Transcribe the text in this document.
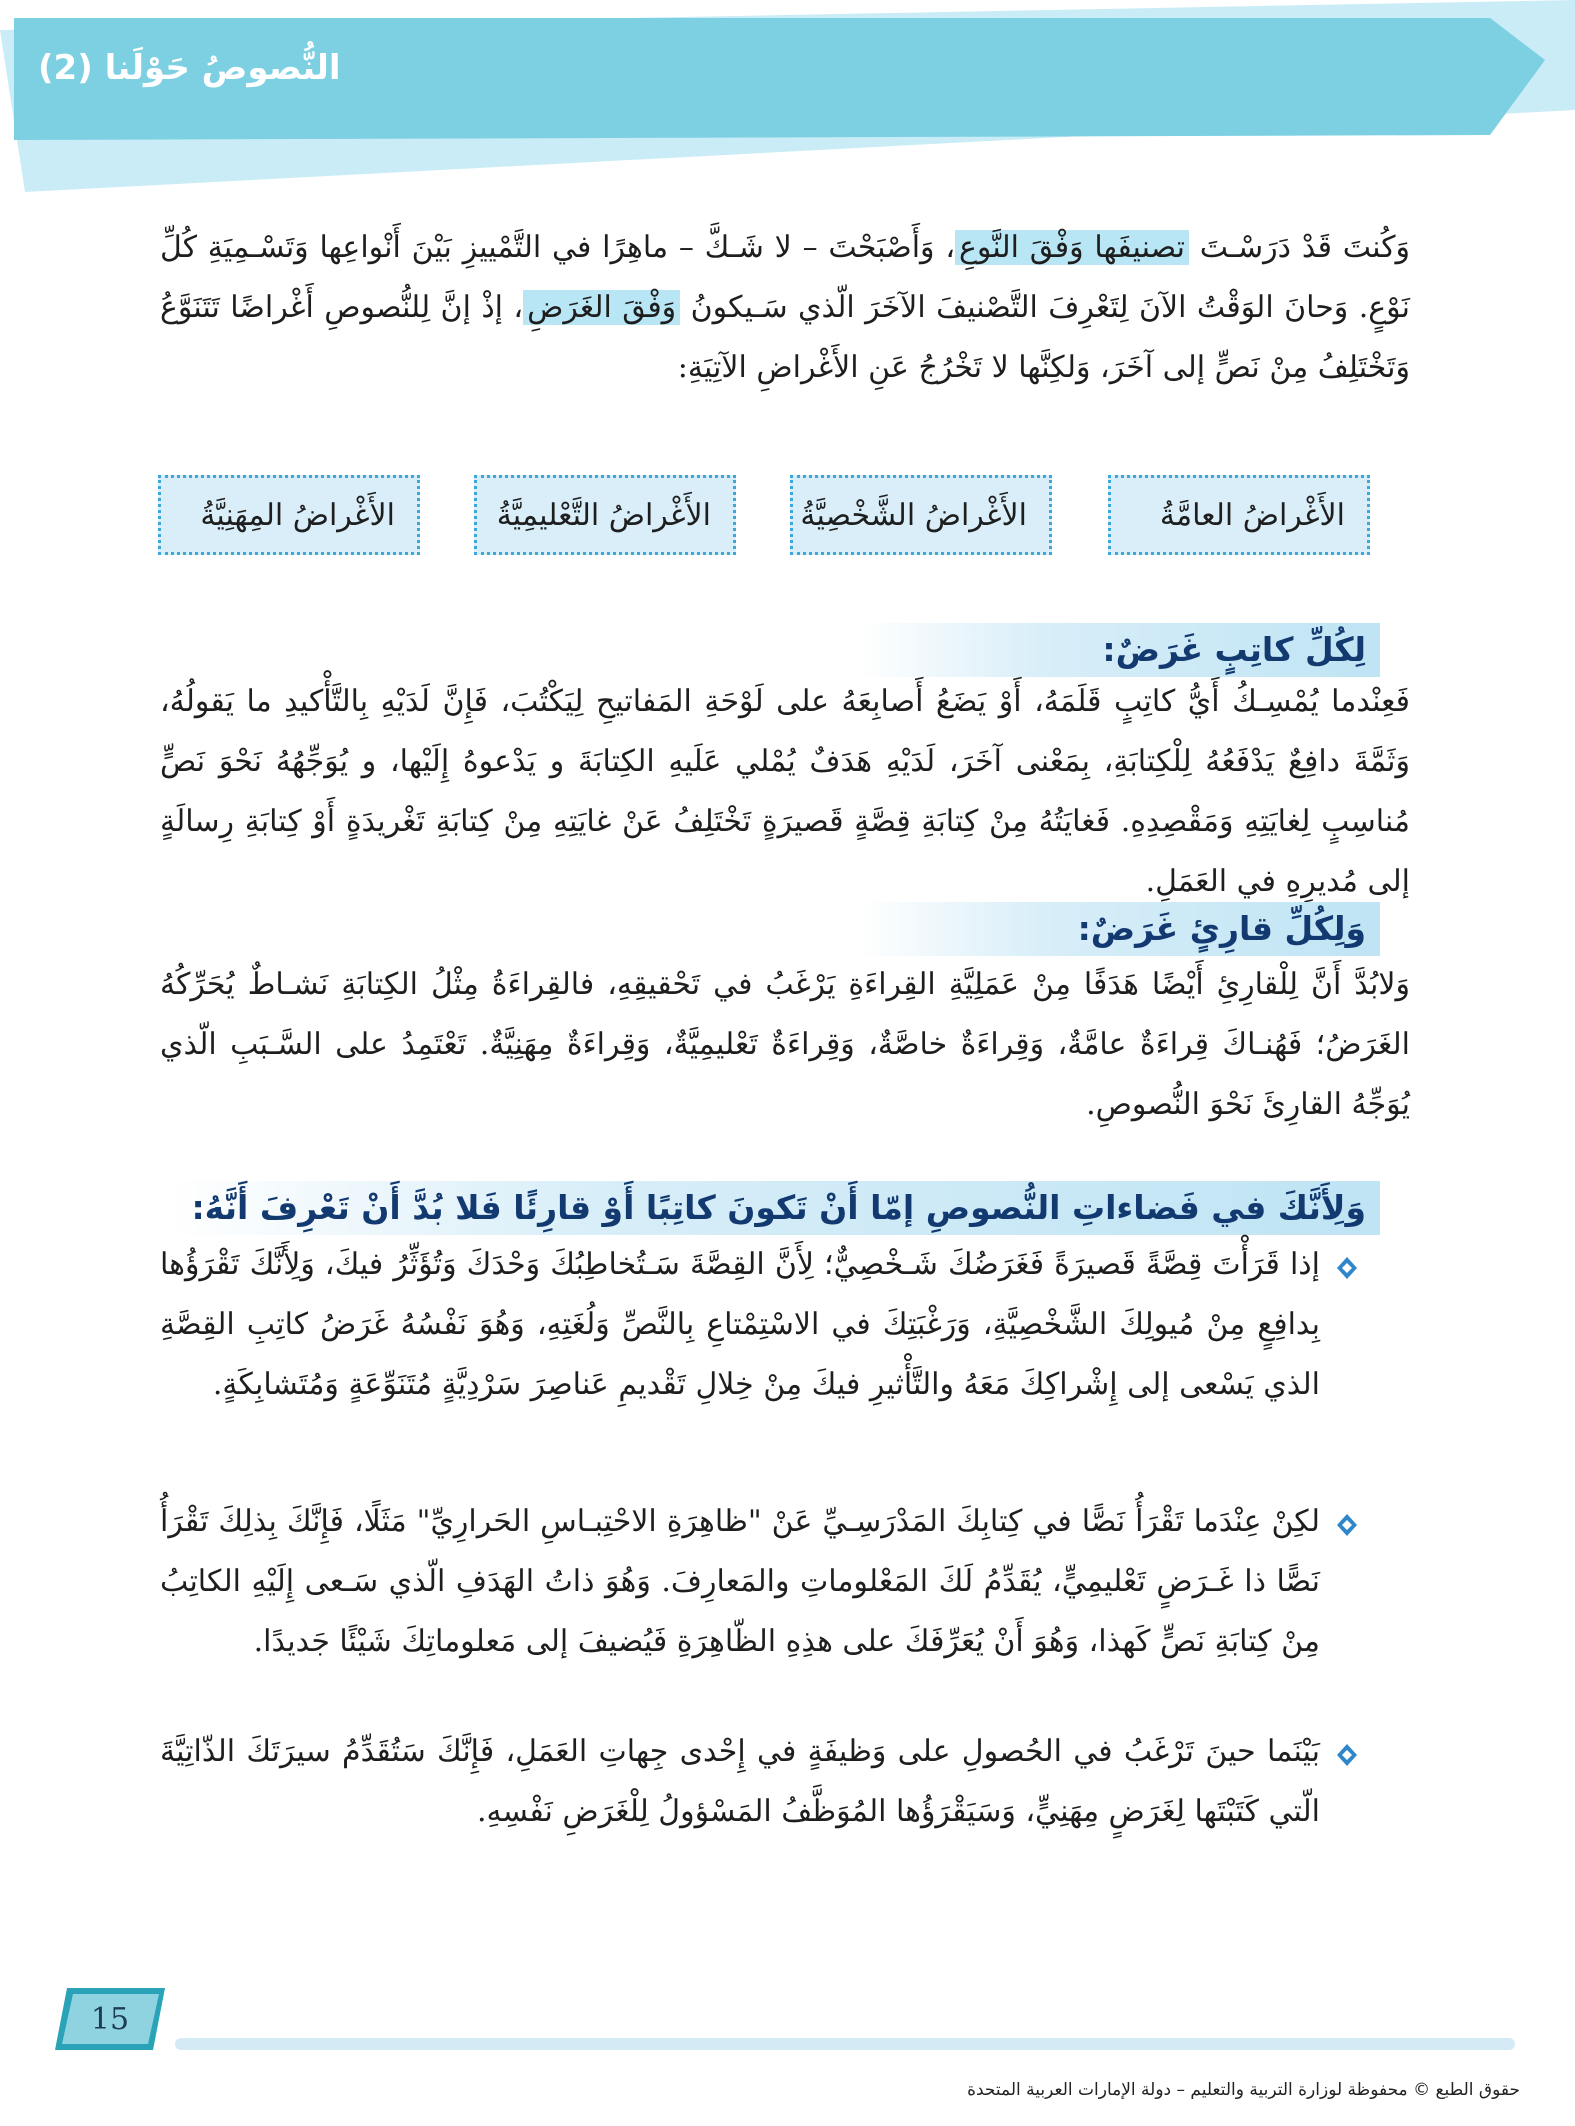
النُّصوصُ حَوْلَنا (2)
وَكُنتَ قَدْ دَرَسْـتَ تصنيفَها وَفْقَ النَّوعِ، وَأَصْبَحْتَ – لا شَـكَّ – ماهِرًا في التَّمْييزِ بَيْنَ أَنْواعِها وَتَسْـمِيَةِ كُلِّ نَوْعٍ. وَحانَ الوَقْتُ الآنَ لِتَعْرِفَ التَّصْنيفَ الآخَرَ الّذي سَـيكونُ وَفْقَ الغَرَضِ، إذْ إنَّ لِلنُّصوصِ أَغْراضًا تَتَنَوَّعُ وَتَخْتَلِفُ مِنْ نَصٍّ إلى آخَرَ، وَلكِنَّها لا تَخْرُجُ عَنِ الأَغْراضِ الآتِيَةِ:
الأَغْراضُ العامَّةُ
الأَغْراضُ الشَّخْصِيَّةُ
الأَغْراضُ التَّعْليمِيَّةُ
الأَغْراضُ المِهَنِيَّةُ
لِكُلِّ كاتِبٍ غَرَضٌ:
فَعِنْدما يُمْسِـكُ أَيُّ كاتِبٍ قَلَمَهُ، أَوْ يَضَعُ أَصابِعَهُ على لَوْحَةِ المَفاتيحِ لِيَكْتُبَ، فَإِنَّ لَدَيْهِ بِالتَّأْكيدِ ما يَقولُهُ، وَثَمَّةَ دافِعٌ يَدْفَعُهُ لِلْكِتابَةِ، بِمَعْنى آخَرَ، لَدَيْهِ هَدَفٌ يُمْلي عَلَيهِ الكِتابَةَ و يَدْعوهُ إِلَيْها، و يُوَجِّهُهُ نَحْوَ نَصٍّ مُناسِبٍ لِغايَتِهِ وَمَقْصِدِهِ. فَغايَتُهُ مِنْ كِتابَةِ قِصَّةٍ قَصيرَةٍ تَخْتَلِفُ عَنْ غايَتِهِ مِنْ كِتابَةِ تَغْريدَةٍ أَوْ كِتابَةِ رِسالَةٍ إلى مُديرِهِ في العَمَلِ.
وَلِكُلِّ قارِئٍ غَرَضٌ:
وَلابُدَّ أَنَّ لِلْقارِئِ أَيْضًا هَدَفًا مِنْ عَمَلِيَّةِ القِراءَةِ يَرْغَبُ في تَحْقيقِهِ، فالقِراءَةُ مِثْلُ الكِتابَةِ نَشـاطٌ يُحَرِّكُهُ الغَرَضُ؛ فَهُنـاكَ قِراءَةٌ عامَّةٌ، وَقِراءَةٌ خاصَّةٌ، وَقِراءَةٌ تَعْليمِيَّةٌ، وَقِراءَةٌ مِهَنِيَّةٌ. تَعْتَمِدُ على السَّـبَبِ الّذي يُوَجِّهُ القارِئَ نَحْوَ النُّصوصِ.
وَلِأَنَّكَ في فَضاءاتِ النُّصوصِ إمّا أَنْ تَكونَ كاتِبًا أَوْ قارِئًا فَلا بُدَّ أَنْ تَعْرِفَ أَنَّهُ:
إذا قَرَأْتَ قِصَّةً قَصيرَةً فَغَرَضُكَ شَـخْصِيٌّ؛ لِأَنَّ القِصَّةَ سَـتُخاطِبُكَ وَحْدَكَ وَتُؤَثِّرُ فيكَ، وَلِأَنَّكَ تَقْرَؤُها بِدافِعٍ مِنْ مُيولِكَ الشَّخْصِيَّةِ، وَرَغْبَتِكَ في الاسْتِمْتاعِ بِالنَّصِّ وَلُغَتِهِ، وَهُوَ نَفْسُهُ غَرَضُ كاتِبِ القِصَّةِ الذي يَسْعى إلى إِشْراكِكَ مَعَهُ والتَّأْثيرِ فيكَ مِنْ خِلالِ تَقْديمِ عَناصِرَ سَرْدِيَّةٍ مُتَنَوِّعَةٍ وَمُتَشابِكَةٍ.
لكِنْ عِنْدَما تَقْرَأُ نَصًّا في كِتابِكَ المَدْرَسِـيِّ عَنْ "ظاهِرَةِ الاحْتِبـاسِ الحَرارِيِّ" مَثَلًا، فَإِنَّكَ بِذلِكَ تَقْرَأُ نَصًّا ذا غَـرَضٍ تَعْليمِيٍّ، يُقَدِّمُ لَكَ المَعْلوماتِ والمَعارِفَ. وَهُوَ ذاتُ الهَدَفِ الّذي سَـعى إِلَيْهِ الكاتِبُ مِنْ كِتابَةِ نَصٍّ كَهذا، وَهُوَ أَنْ يُعَرِّفَكَ على هذِهِ الظّاهِرَةِ فَيُضيفَ إلى مَعلوماتِكَ شَيْئًا جَديدًا.
بَيْنَما حينَ تَرْغَبُ في الحُصولِ على وَظيفَةٍ في إِحْدى جِهاتِ العَمَلِ، فَإِنَّكَ سَتُقَدِّمُ سيرَتَكَ الذّاتِيَّةَ الّتي كَتَبْتَها لِغَرَضٍ مِهَنِيٍّ، وَسَيَقْرَؤُها المُوَظَّفُ المَسْؤولُ لِلْغَرَضِ نَفْسِهِ.
15
حقوق الطبع © محفوظة لوزارة التربية والتعليم – دولة الإمارات العربية المتحدة
